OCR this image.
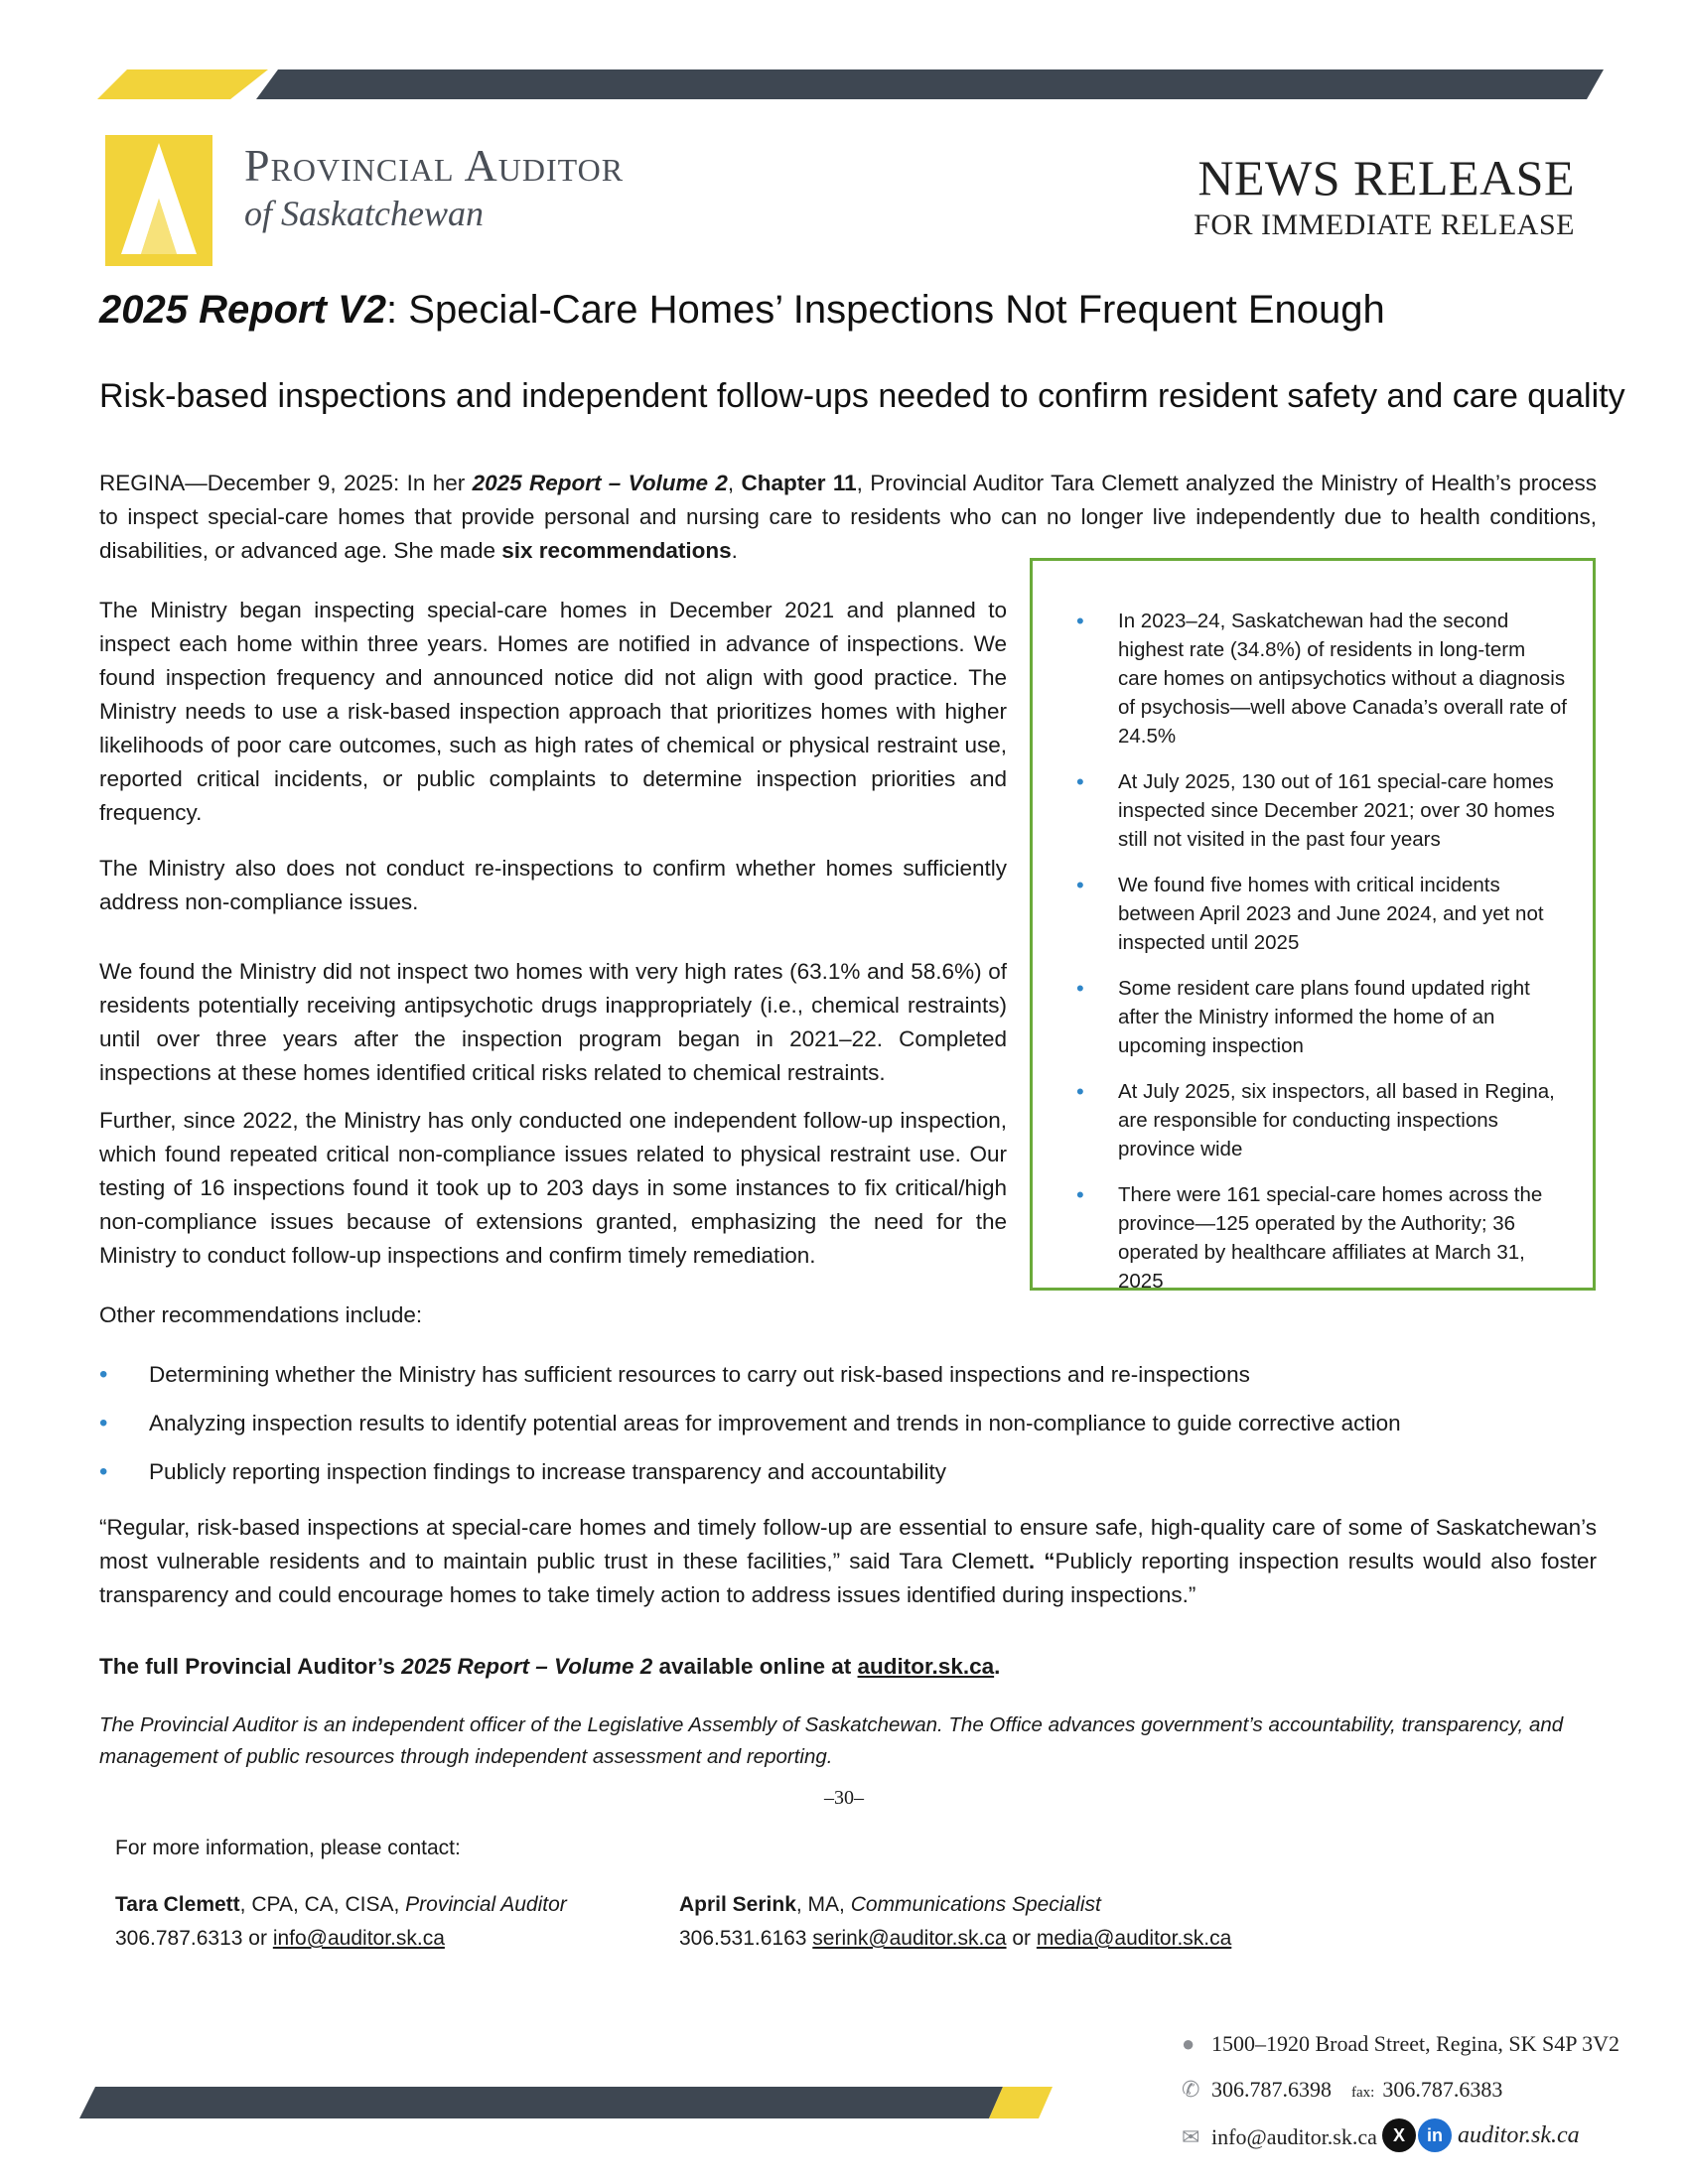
Provincial Auditor
of Saskatchewan
NEWS RELEASE
FOR IMMEDIATE RELEASE
2025 Report V2: Special-Care Homes’ Inspections Not Frequent Enough
Risk-based inspections and independent follow-ups needed to confirm resident safety and care quality

REGINA—December 9, 2025: In her 2025 Report – Volume 2, Chapter 11, Provincial Auditor Tara Clemett analyzed the Ministry of Health’s process to inspect special-care homes that provide personal and nursing care to residents who can no longer live independently due to health conditions, disabilities, or advanced age. She made six recommendations.

The Ministry began inspecting special-care homes in December 2021 and planned to inspect each home within three years. Homes are notified in advance of inspections. We found inspection frequency and announced notice did not align with good practice. The Ministry needs to use a risk-based inspection approach that prioritizes homes with higher likelihoods of poor care outcomes, such as high rates of chemical or physical restraint use, reported critical incidents, or public complaints to determine inspection priorities and frequency.

The Ministry also does not conduct re-inspections to confirm whether homes sufficiently address non-compliance issues.

We found the Ministry did not inspect two homes with very high rates (63.1% and 58.6%) of residents potentially receiving antipsychotic drugs inappropriately (i.e., chemical restraints) until over three years after the inspection program began in 2021–22. Completed inspections at these homes identified critical risks related to chemical restraints.

Further, since 2022, the Ministry has only conducted one independent follow-up inspection, which found repeated critical non-compliance issues related to physical restraint use. Our testing of 16 inspections found it took up to 203 days in some instances to fix critical/high non-compliance issues because of extensions granted, emphasizing the need for the Ministry to conduct follow-up inspections and confirm timely remediation.

Other recommendations include:

• In 2023–24, Saskatchewan had the second highest rate (34.8%) of residents in long-term care homes on antipsychotics without a diagnosis of psychosis—well above Canada’s overall rate of 24.5%
• At July 2025, 130 out of 161 special-care homes inspected since December 2021; over 30 homes still not visited in the past four years
• We found five homes with critical incidents between April 2023 and June 2024, and yet not inspected until 2025
• Some resident care plans found updated right after the Ministry informed the home of an upcoming inspection
• At July 2025, six inspectors, all based in Regina, are responsible for conducting inspections province wide
• There were 161 special-care homes across the province—125 operated by the Authority; 36 operated by healthcare affiliates at March 31, 2025
• Determining whether the Ministry has sufficient resources to carry out risk-based inspections and re-inspections
• Analyzing inspection results to identify potential areas for improvement and trends in non-compliance to guide corrective action
• Publicly reporting inspection findings to increase transparency and accountability

“Regular, risk-based inspections at special-care homes and timely follow-up are essential to ensure safe, high-quality care of some of Saskatchewan’s most vulnerable residents and to maintain public trust in these facilities,” said Tara Clemett. “Publicly reporting inspection results would also foster transparency and could encourage homes to take timely action to address issues identified during inspections.”

The full Provincial Auditor’s 2025 Report – Volume 2 available online at auditor.sk.ca.

The Provincial Auditor is an independent officer of the Legislative Assembly of Saskatchewan. The Office advances government’s accountability, transparency, and management of public resources through independent assessment and reporting.

–30–
For more information, please contact:
Tara Clemett, CPA, CA, CISA, Provincial Auditor
306.787.6313 or info@auditor.sk.ca
April Serink, MA, Communications Specialist
306.531.6163 serink@auditor.sk.ca or media@auditor.sk.ca
● 1500–1920 Broad Street, Regina, SK S4P 3V2
✆ 306.787.6398 fax: 306.787.6383
✉ info@auditor.sk.ca X in auditor.sk.ca
